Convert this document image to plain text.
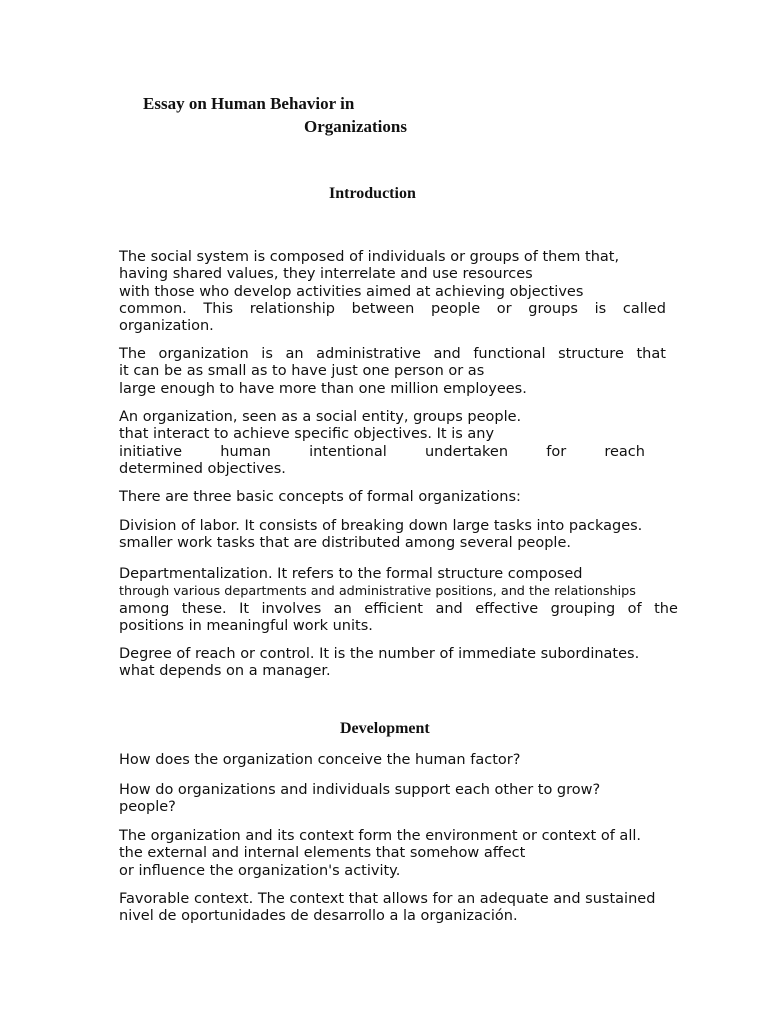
Essay on Human Behavior in
Organizations
Introduction
The social system is composed of individuals or groups of them that,
having shared values, they interrelate and use resources
with those who develop activities aimed at achieving objectives
common. This relationship between people or groups is called
organization.
The organization is an administrative and functional structure that
it can be as small as to have just one person or as
large enough to have more than one million employees.
An organization, seen as a social entity, groups people.
that interact to achieve specific objectives. It is any
initiative	human	intentional	undertaken	for	reach
determined objectives.
There are three basic concepts of formal organizations:
Division of labor. It consists of breaking down large tasks into packages.
smaller work tasks that are distributed among several people.
Departmentalization. It refers to the formal structure composed
through various departments and administrative positions, and the relationships
among these. It involves an efficient and effective grouping of the
positions in meaningful work units.
Degree of reach or control. It is the number of immediate subordinates.
what depends on a manager.
Development
How does the organization conceive the human factor?
How do organizations and individuals support each other to grow?
people?
The organization and its context form the environment or context of all.
the external and internal elements that somehow affect
or influence the organization's activity.
Favorable context. The context that allows for an adequate and sustained
nivel de oportunidades de desarrollo a la organización.
